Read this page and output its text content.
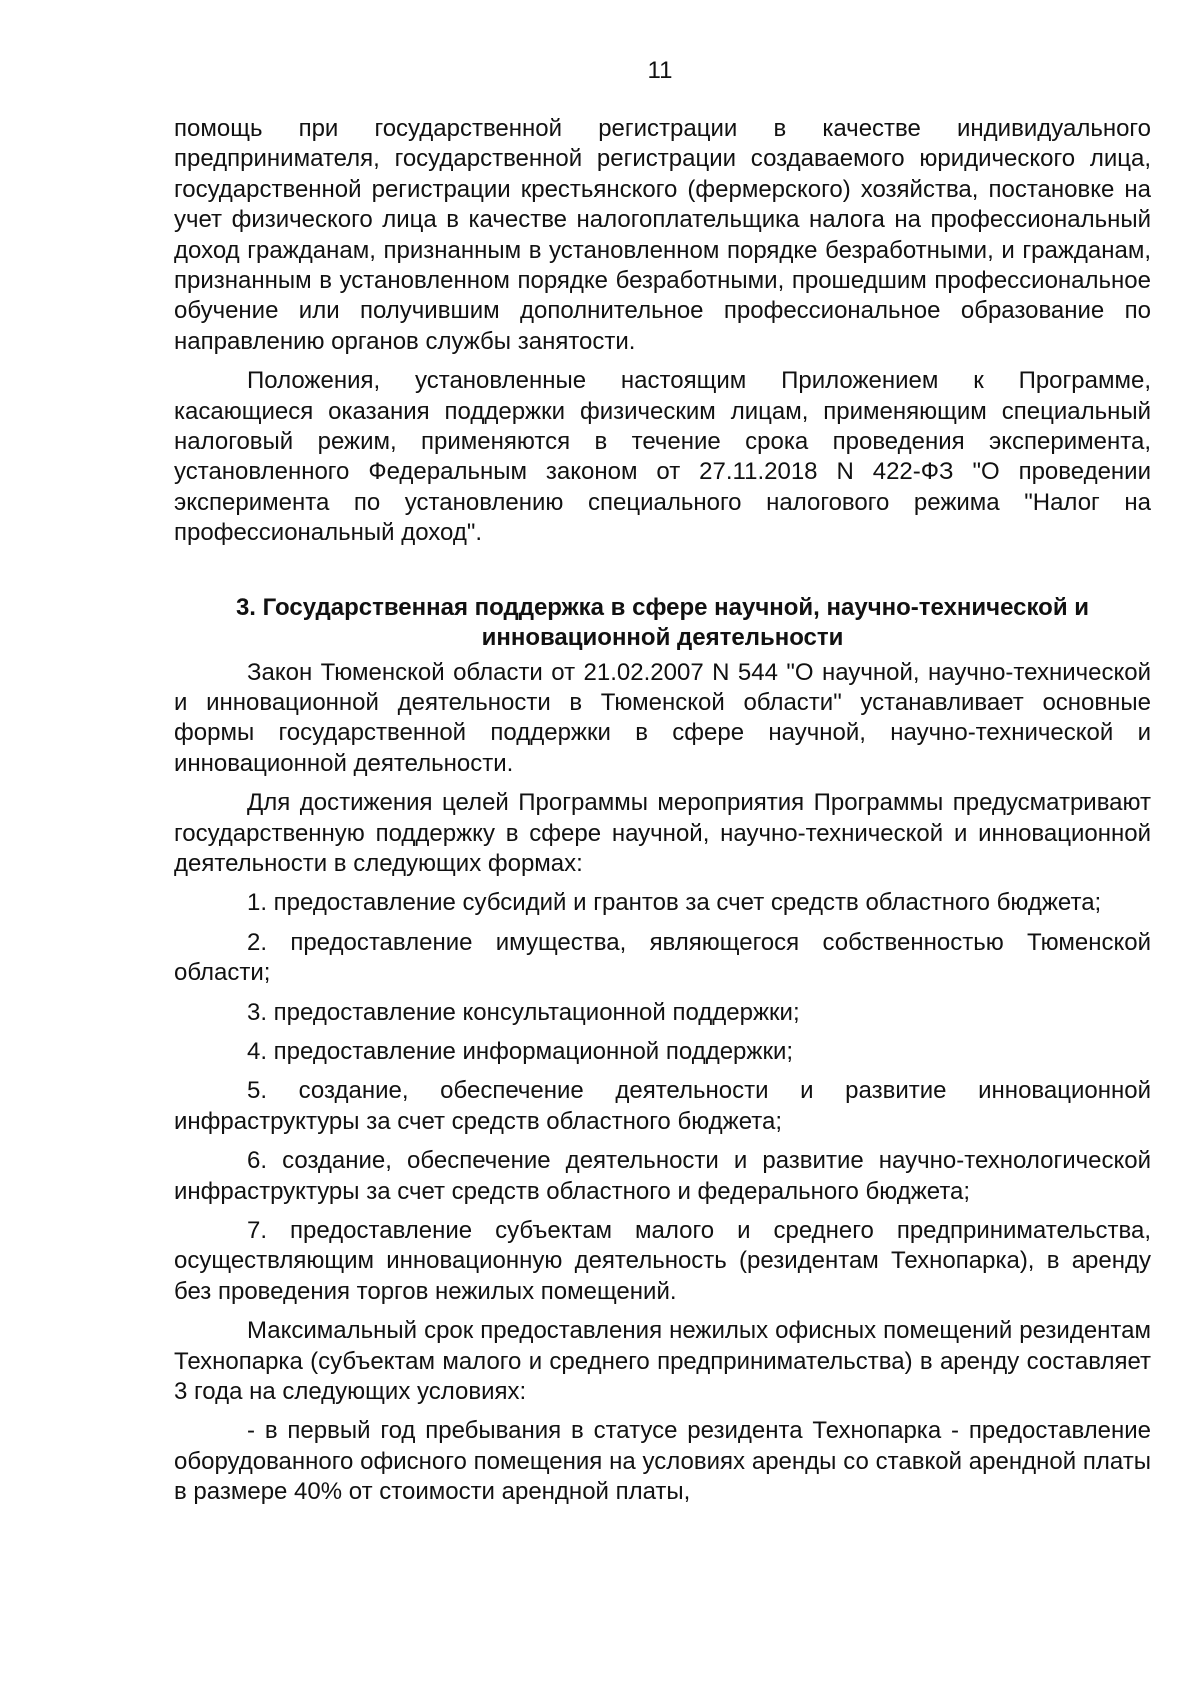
11

помощь при государственной регистрации в качестве индивидуального предпринимателя, государственной регистрации создаваемого юридического лица, государственной регистрации крестьянского (фермерского) хозяйства, постановке на учет физического лица в качестве налогоплательщика налога на профессиональный доход гражданам, признанным в установленном порядке безработными, и гражданам, признанным в установленном порядке безработными, прошедшим профессиональное обучение или получившим дополнительное профессиональное образование по направлению органов службы занятости.

Положения, установленные настоящим Приложением к Программе, касающиеся оказания поддержки физическим лицам, применяющим специальный налоговый режим, применяются в течение срока проведения эксперимента, установленного Федеральным законом от 27.11.2018 N 422-ФЗ "О проведении эксперимента по установлению специального налогового режима "Налог на профессиональный доход".

3. Государственная поддержка в сфере научной, научно-технической и инновационной деятельности

Закон Тюменской области от 21.02.2007 N 544 "О научной, научно-технической и инновационной деятельности в Тюменской области" устанавливает основные формы государственной поддержки в сфере научной, научно-технической и инновационной деятельности.

Для достижения целей Программы мероприятия Программы предусматривают государственную поддержку в сфере научной, научно-технической и инновационной деятельности в следующих формах:

1. предоставление субсидий и грантов за счет средств областного бюджета;

2. предоставление имущества, являющегося собственностью Тюменской области;

3. предоставление консультационной поддержки;

4. предоставление информационной поддержки;

5. создание, обеспечение деятельности и развитие инновационной инфраструктуры за счет средств областного бюджета;

6. создание, обеспечение деятельности и развитие научно-технологической инфраструктуры за счет средств областного и федерального бюджета;

7. предоставление субъектам малого и среднего предпринимательства, осуществляющим инновационную деятельность (резидентам Технопарка), в аренду без проведения торгов нежилых помещений.

Максимальный срок предоставления нежилых офисных помещений резидентам Технопарка (субъектам малого и среднего предпринимательства) в аренду составляет 3 года на следующих условиях:

- в первый год пребывания в статусе резидента Технопарка - предоставление оборудованного офисного помещения на условиях аренды со ставкой арендной платы в размере 40% от стоимости арендной платы,
